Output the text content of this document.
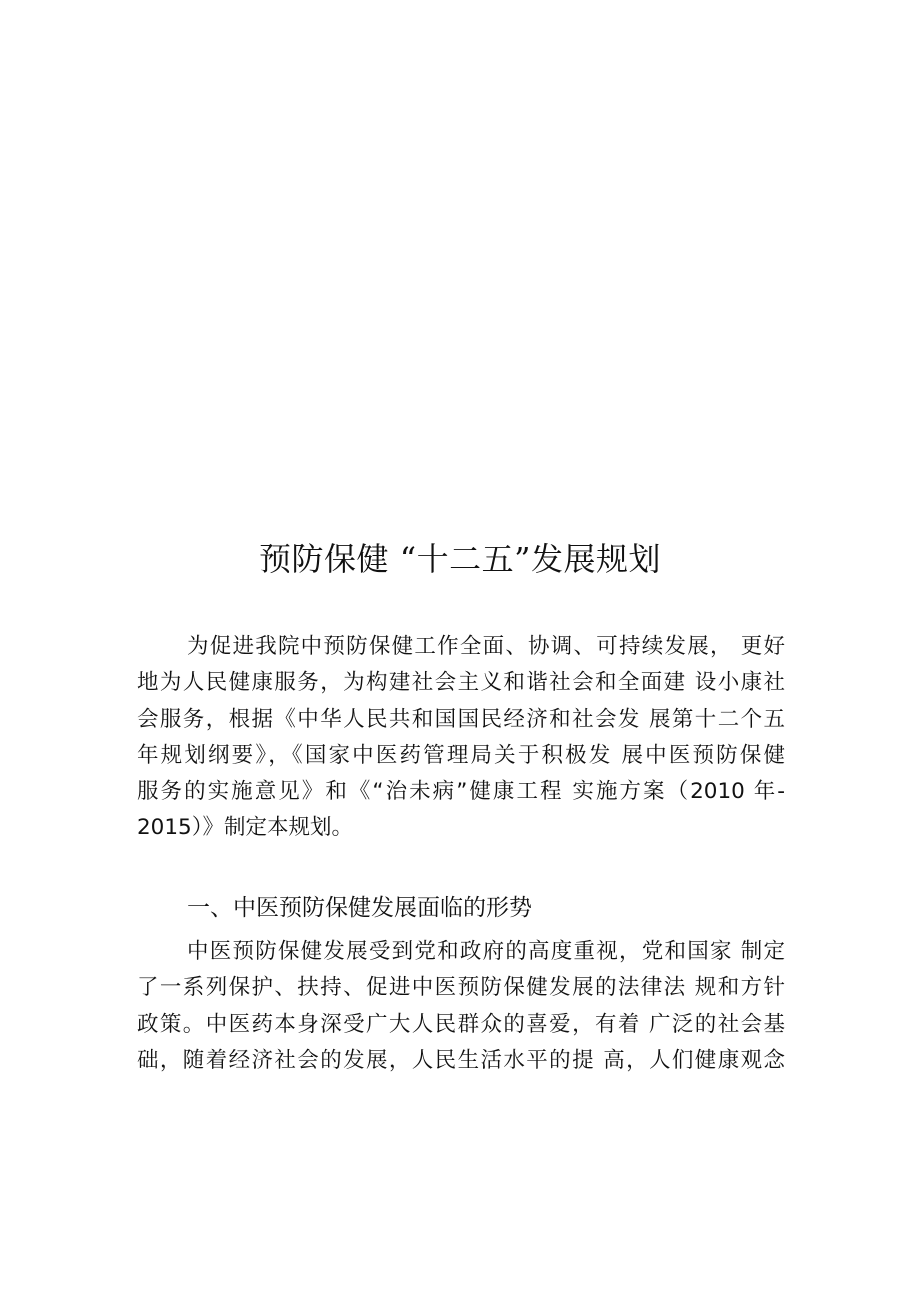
预防保健 “十二五”发展规划
为促进我院中预防保健工作全面、协调、可持续发展， 更好
地为人民健康服务，为构建社会主义和谐社会和全面建 设小康社
会服务，根据《中华人民共和国国民经济和社会发 展第十二个五
年规划纲要》，《国家中医药管理局关于积极发 展中医预防保健
服务的实施意见》和《“治未病”健康工程 实施方案（2010 年-
2015）》制定本规划。
一、中医预防保健发展面临的形势
中医预防保健发展受到党和政府的高度重视，党和国家 制定
了一系列保护、扶持、促进中医预防保健发展的法律法 规和方针
政策。中医药本身深受广大人民群众的喜爱，有着 广泛的社会基
础，随着经济社会的发展，人民生活水平的提 高，人们健康观念
